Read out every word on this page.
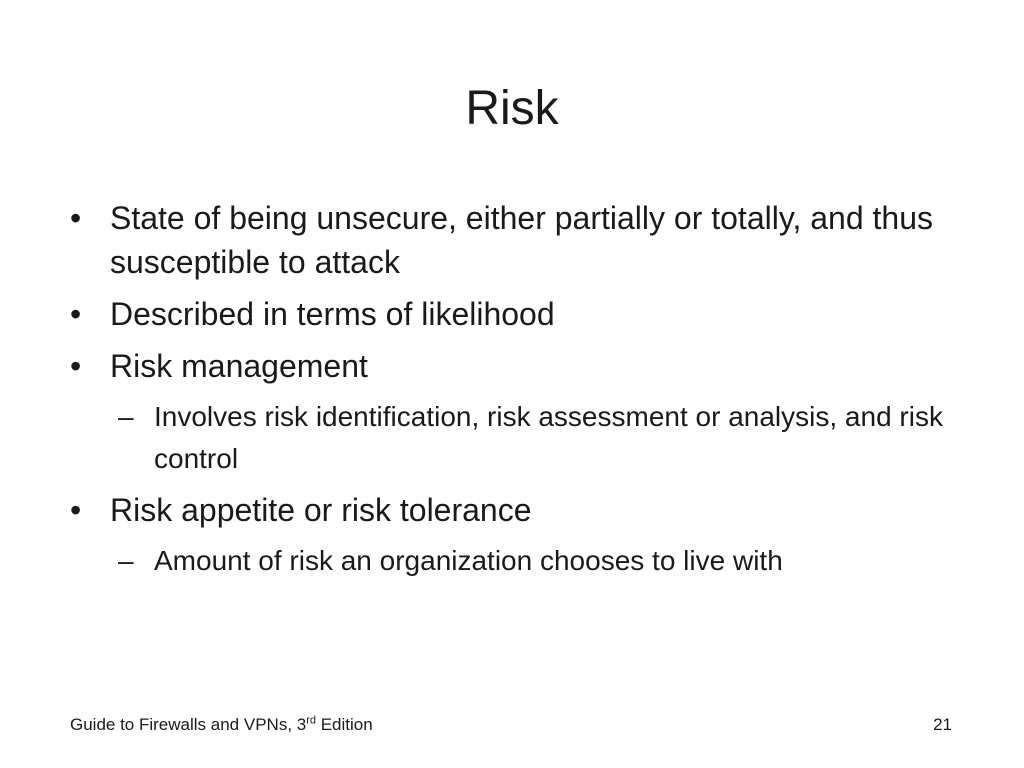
Risk
• State of being unsecure, either partially or totally, and thus susceptible to attack
• Described in terms of likelihood
• Risk management
– Involves risk identification, risk assessment or analysis, and risk control
• Risk appetite or risk tolerance
– Amount of risk an organization chooses to live with
Guide to Firewalls and VPNs, 3rd Edition	21
